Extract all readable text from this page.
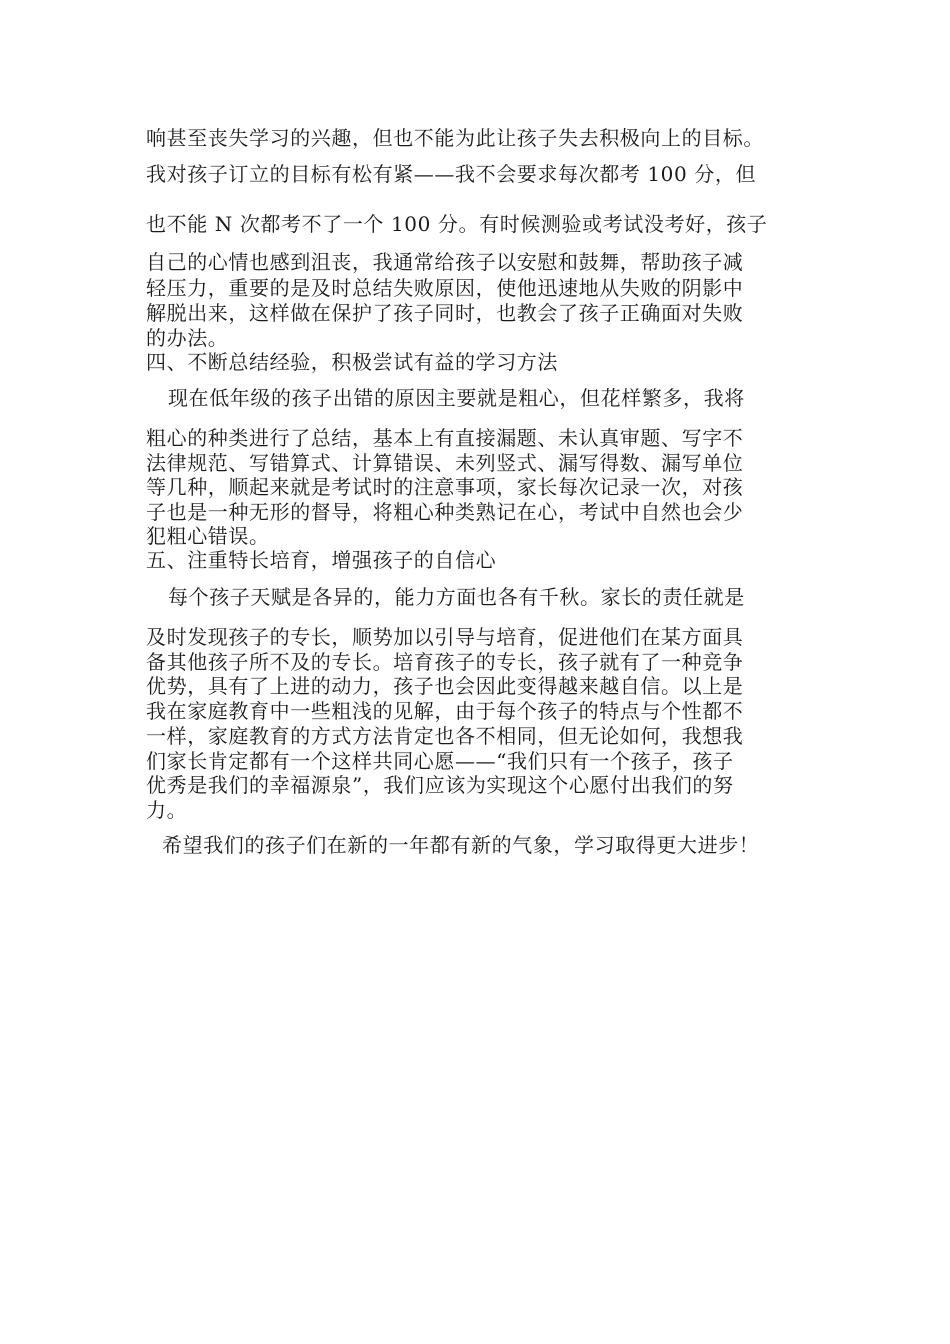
响甚至丧失学习的兴趣，但也不能为此让孩子失去积极向上的目标。
我对孩子订立的目标有松有紧——我不会要求每次都考 100 分，但
也不能 N 次都考不了一个 100 分。有时候测验或考试没考好，孩子
自己的心情也感到沮丧，我通常给孩子以安慰和鼓舞，帮助孩子减
轻压力，重要的是及时总结失败原因，使他迅速地从失败的阴影中
解脱出来，这样做在保护了孩子同时，也教会了孩子正确面对失败
的办法。
四、不断总结经验，积极尝试有益的学习方法
现在低年级的孩子出错的原因主要就是粗心，但花样繁多，我将
粗心的种类进行了总结，基本上有直接漏题、未认真审题、写字不
法律规范、写错算式、计算错误、未列竖式、漏写得数、漏写单位
等几种，顺起来就是考试时的注意事项，家长每次记录一次，对孩
子也是一种无形的督导，将粗心种类熟记在心，考试中自然也会少
犯粗心错误。
五、注重特长培育，增强孩子的自信心
每个孩子天赋是各异的，能力方面也各有千秋。家长的责任就是
及时发现孩子的专长，顺势加以引导与培育，促进他们在某方面具
备其他孩子所不及的专长。培育孩子的专长，孩子就有了一种竞争
优势，具有了上进的动力，孩子也会因此变得越来越自信。以上是
我在家庭教育中一些粗浅的见解，由于每个孩子的特点与个性都不
一样，家庭教育的方式方法肯定也各不相同，但无论如何，我想我
们家长肯定都有一个这样共同心愿——“我们只有一个孩子，孩子
优秀是我们的幸福源泉”，我们应该为实现这个心愿付出我们的努
力。
希望我们的孩子们在新的一年都有新的气象，学习取得更大进步！
